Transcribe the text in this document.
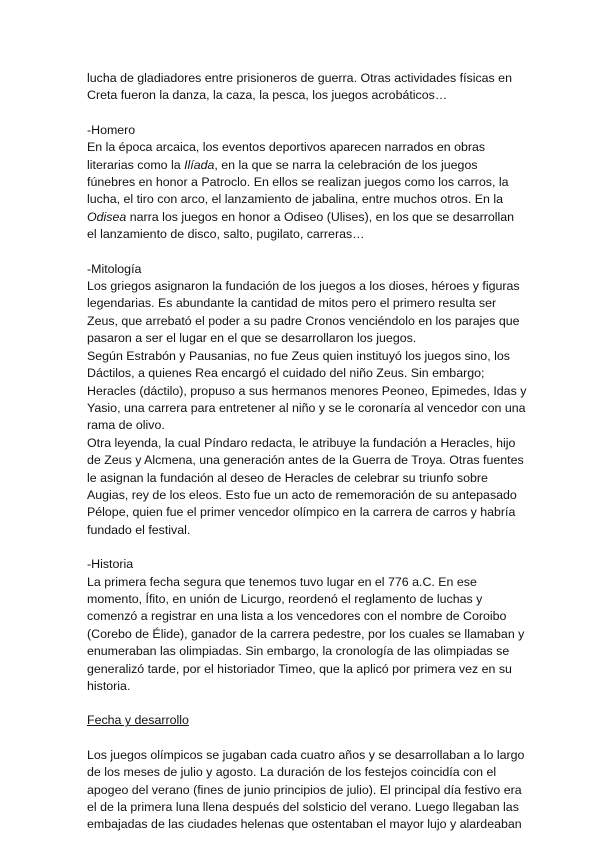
lucha de gladiadores entre prisioneros de guerra. Otras actividades físicas en Creta fueron la danza, la caza, la pesca, los juegos acrobáticos…

-Homero

En la época arcaica, los eventos deportivos aparecen narrados en obras literarias como la Ilíada, en la que se narra la celebración de los juegos fúnebres en honor a Patroclo. En ellos se realizan juegos como los carros, la lucha, el tiro con arco, el lanzamiento de jabalina, entre muchos otros. En la Odisea narra los juegos en honor a Odiseo (Ulises), en los que se desarrollan el lanzamiento de disco, salto, pugilato, carreras…

-Mitología

Los griegos asignaron la fundación de los juegos a los dioses, héroes y figuras legendarias. Es abundante la cantidad de mitos pero el primero resulta ser Zeus, que arrebató el poder a su padre Cronos venciéndolo en los parajes que pasaron a ser el lugar en el que se desarrollaron los juegos.

Según Estrabón y Pausanias, no fue Zeus quien instituyó los juegos sino, los Dáctilos, a quienes Rea encargó el cuidado del niño Zeus. Sin embargo; Heracles (dáctilo), propuso a sus hermanos menores Peoneo, Epimedes, Idas y Yasio, una carrera para entretener al niño y se le coronaría al vencedor con una rama de olivo.

Otra leyenda, la cual Píndaro redacta, le atribuye la fundación a Heracles, hijo de Zeus y Alcmena, una generación antes de la Guerra de Troya. Otras fuentes le asignan la fundación al deseo de Heracles de celebrar su triunfo sobre Augias, rey de los eleos. Esto fue un acto de rememoración de su antepasado Pélope, quien fue el primer vencedor olímpico en la carrera de carros y habría fundado el festival.

-Historia

La primera fecha segura que tenemos tuvo lugar en el 776 a.C. En ese momento, Ífito, en unión de Licurgo, reordenó el reglamento de luchas y comenzó a registrar en una lista a los vencedores con el nombre de Coroibo (Corebo de Élide), ganador de la carrera pedestre, por los cuales se llamaban y enumeraban las olimpiadas. Sin embargo, la cronología de las olimpiadas se generalizó tarde, por el historiador Timeo, que la aplicó por primera vez en su historia.

Fecha y desarrollo

Los juegos olímpicos se jugaban cada cuatro años y se desarrollaban a lo largo de los meses de julio y agosto. La duración de los festejos coincidía con el apogeo del verano (fines de junio principios de julio). El principal día festivo era el de la primera luna llena después del solsticio del verano. Luego llegaban las embajadas de las ciudades helenas que ostentaban el mayor lujo y alardeaban
